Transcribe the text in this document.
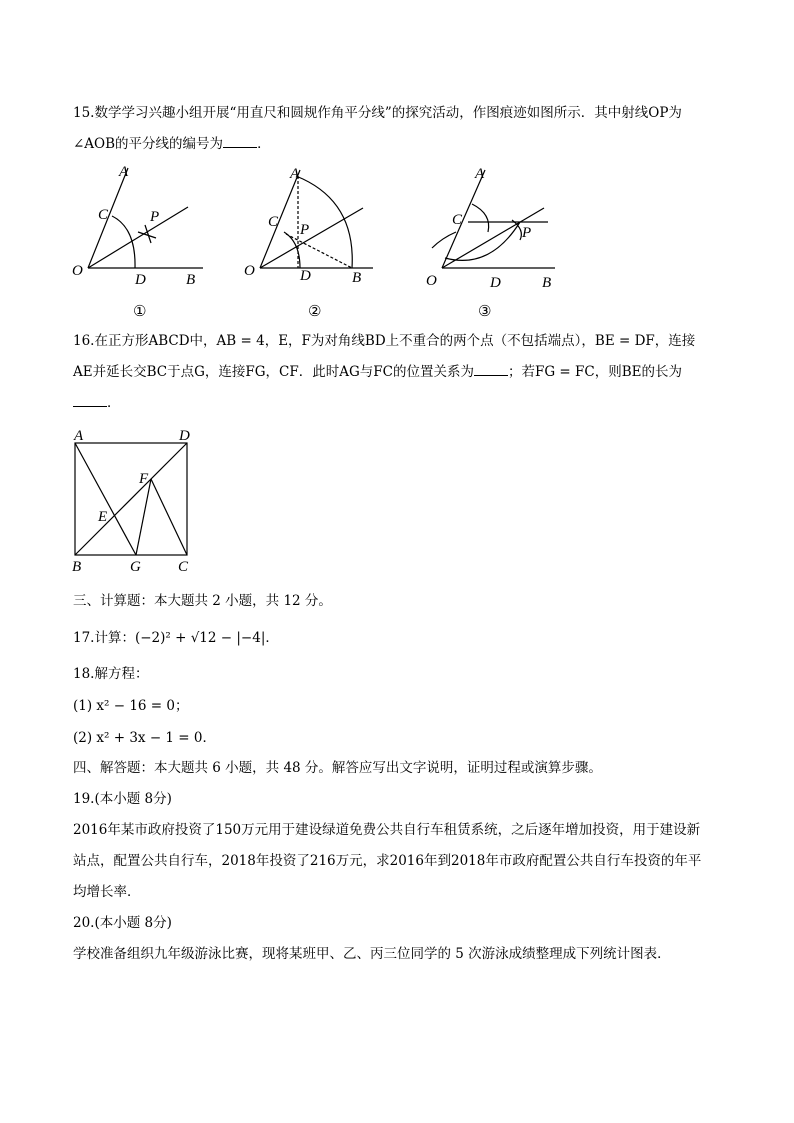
15.数学学习兴趣小组开展“用直尺和圆规作角平分线”的探究活动，作图痕迹如图所示．其中射线OP为
∠AOB的平分线的编号为	．
A
C	P
O
D	B
①
A
C P
O	D	B
②
A
C
P
O	D	B
③
16.在正方形ABCD中，AB = 4，E，F为对角线BD上不重合的两个点（不包括端点），BE = DF，连接
AE并延长交BC于点G，连接FG，CF．此时AG与FC的位置关系为	；若FG = FC，则BE的长为
．
A	D
F
E
B	G C
三、计算题：本大题共 2 小题，共 12 分。
17.计算：(−2)² + √12 − |−4|．
18.解方程：
(1) x² − 16 = 0；
(2) x² + 3x − 1 = 0．
四、解答题：本大题共 6 小题，共 48 分。解答应写出文字说明，证明过程或演算步骤。
19.(本小题 8分)
2016年某市政府投资了150万元用于建设绿道免费公共自行车租赁系统，之后逐年增加投资，用于建设新
站点，配置公共自行车，2018年投资了216万元，求2016年到2018年市政府配置公共自行车投资的年平
均增长率．
20.(本小题 8分)
学校准备组织九年级游泳比赛，现将某班甲、乙、丙三位同学的 5 次游泳成绩整理成下列统计图表．
